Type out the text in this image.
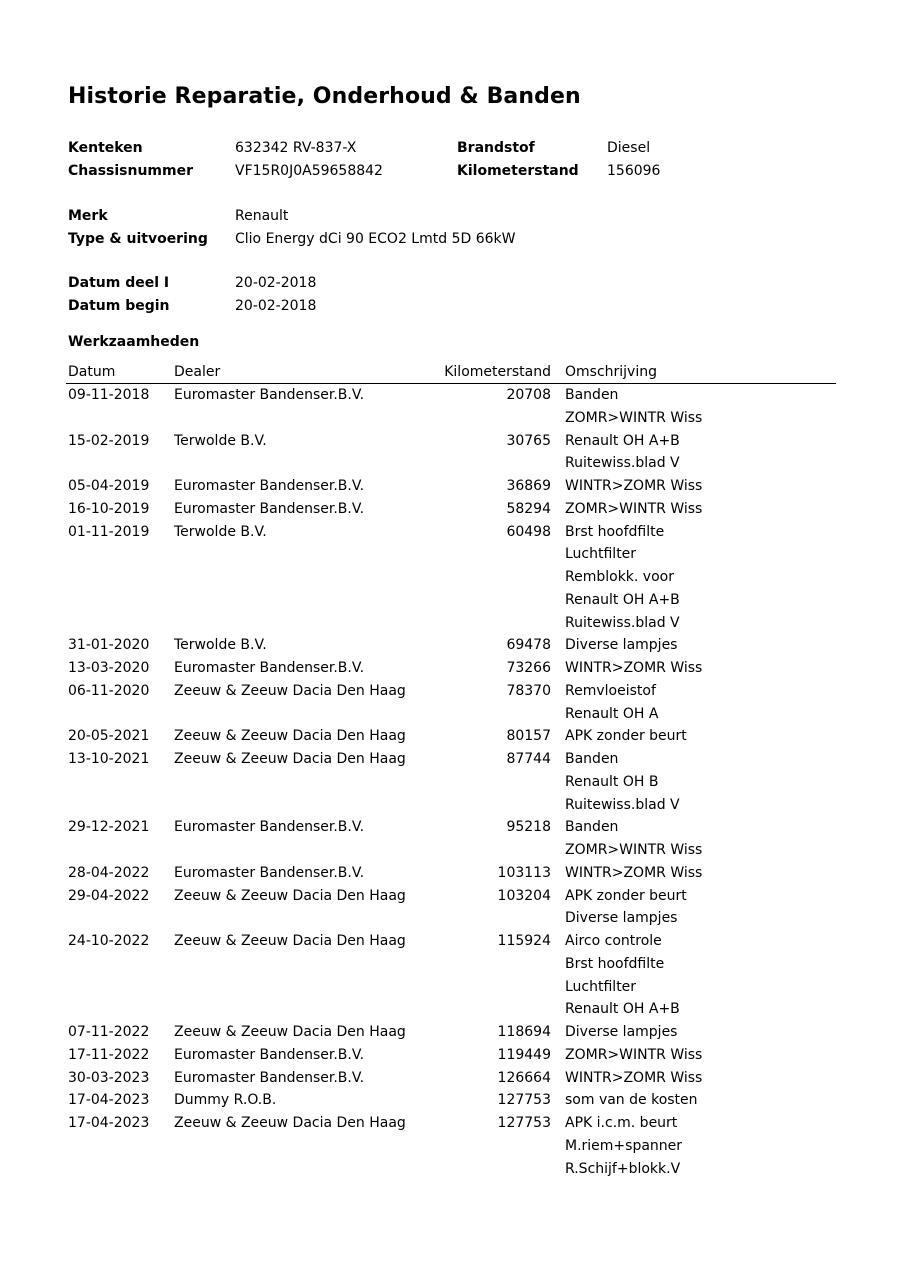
Historie Reparatie, Onderhoud & Banden
Kenteken	632342 RV-837-X	Brandstof	Diesel
Chassisnummer	VF15R0J0A59658842	Kilometerstand 156096
Merk	Renault
Type & uitvoering Clio Energy dCi 90 ECO2 Lmtd 5D 66kW
Datum deel I	20-02-2018
Datum begin	20-02-2018
Werkzaamheden
Datum	Dealer	Kilometerstand Omschrijving
09-11-2018 Euromaster Bandenser.B.V.	20708 Banden
ZOMR>WINTR Wiss
15-02-2019 Terwolde B.V.	30765 Renault OH A+B
Ruitewiss.blad V
05-04-2019 Euromaster Bandenser.B.V.	36869 WINTR>ZOMR Wiss
16-10-2019 Euromaster Bandenser.B.V.	58294 ZOMR>WINTR Wiss
01-11-2019 Terwolde B.V.	60498 Brst hoofdfilte
Luchtfilter
Remblokk. voor
Renault OH A+B
Ruitewiss.blad V
31-01-2020 Terwolde B.V.	69478 Diverse lampjes
13-03-2020 Euromaster Bandenser.B.V.	73266 WINTR>ZOMR Wiss
06-11-2020 Zeeuw & Zeeuw Dacia Den Haag	78370 Remvloeistof
Renault OH A
20-05-2021 Zeeuw & Zeeuw Dacia Den Haag	80157 APK zonder beurt
13-10-2021 Zeeuw & Zeeuw Dacia Den Haag	87744 Banden
Renault OH B
Ruitewiss.blad V
29-12-2021 Euromaster Bandenser.B.V.	95218 Banden
ZOMR>WINTR Wiss
28-04-2022 Euromaster Bandenser.B.V.	103113 WINTR>ZOMR Wiss
29-04-2022 Zeeuw & Zeeuw Dacia Den Haag	103204 APK zonder beurt
Diverse lampjes
24-10-2022 Zeeuw & Zeeuw Dacia Den Haag	115924 Airco controle
Brst hoofdfilte
Luchtfilter
Renault OH A+B
07-11-2022 Zeeuw & Zeeuw Dacia Den Haag	118694 Diverse lampjes
17-11-2022 Euromaster Bandenser.B.V.	119449 ZOMR>WINTR Wiss
30-03-2023 Euromaster Bandenser.B.V.	126664 WINTR>ZOMR Wiss
17-04-2023 Dummy R.O.B.	127753 som van de kosten
17-04-2023 Zeeuw & Zeeuw Dacia Den Haag	127753 APK i.c.m. beurt
M.riem+spanner
R.Schijf+blokk.V
